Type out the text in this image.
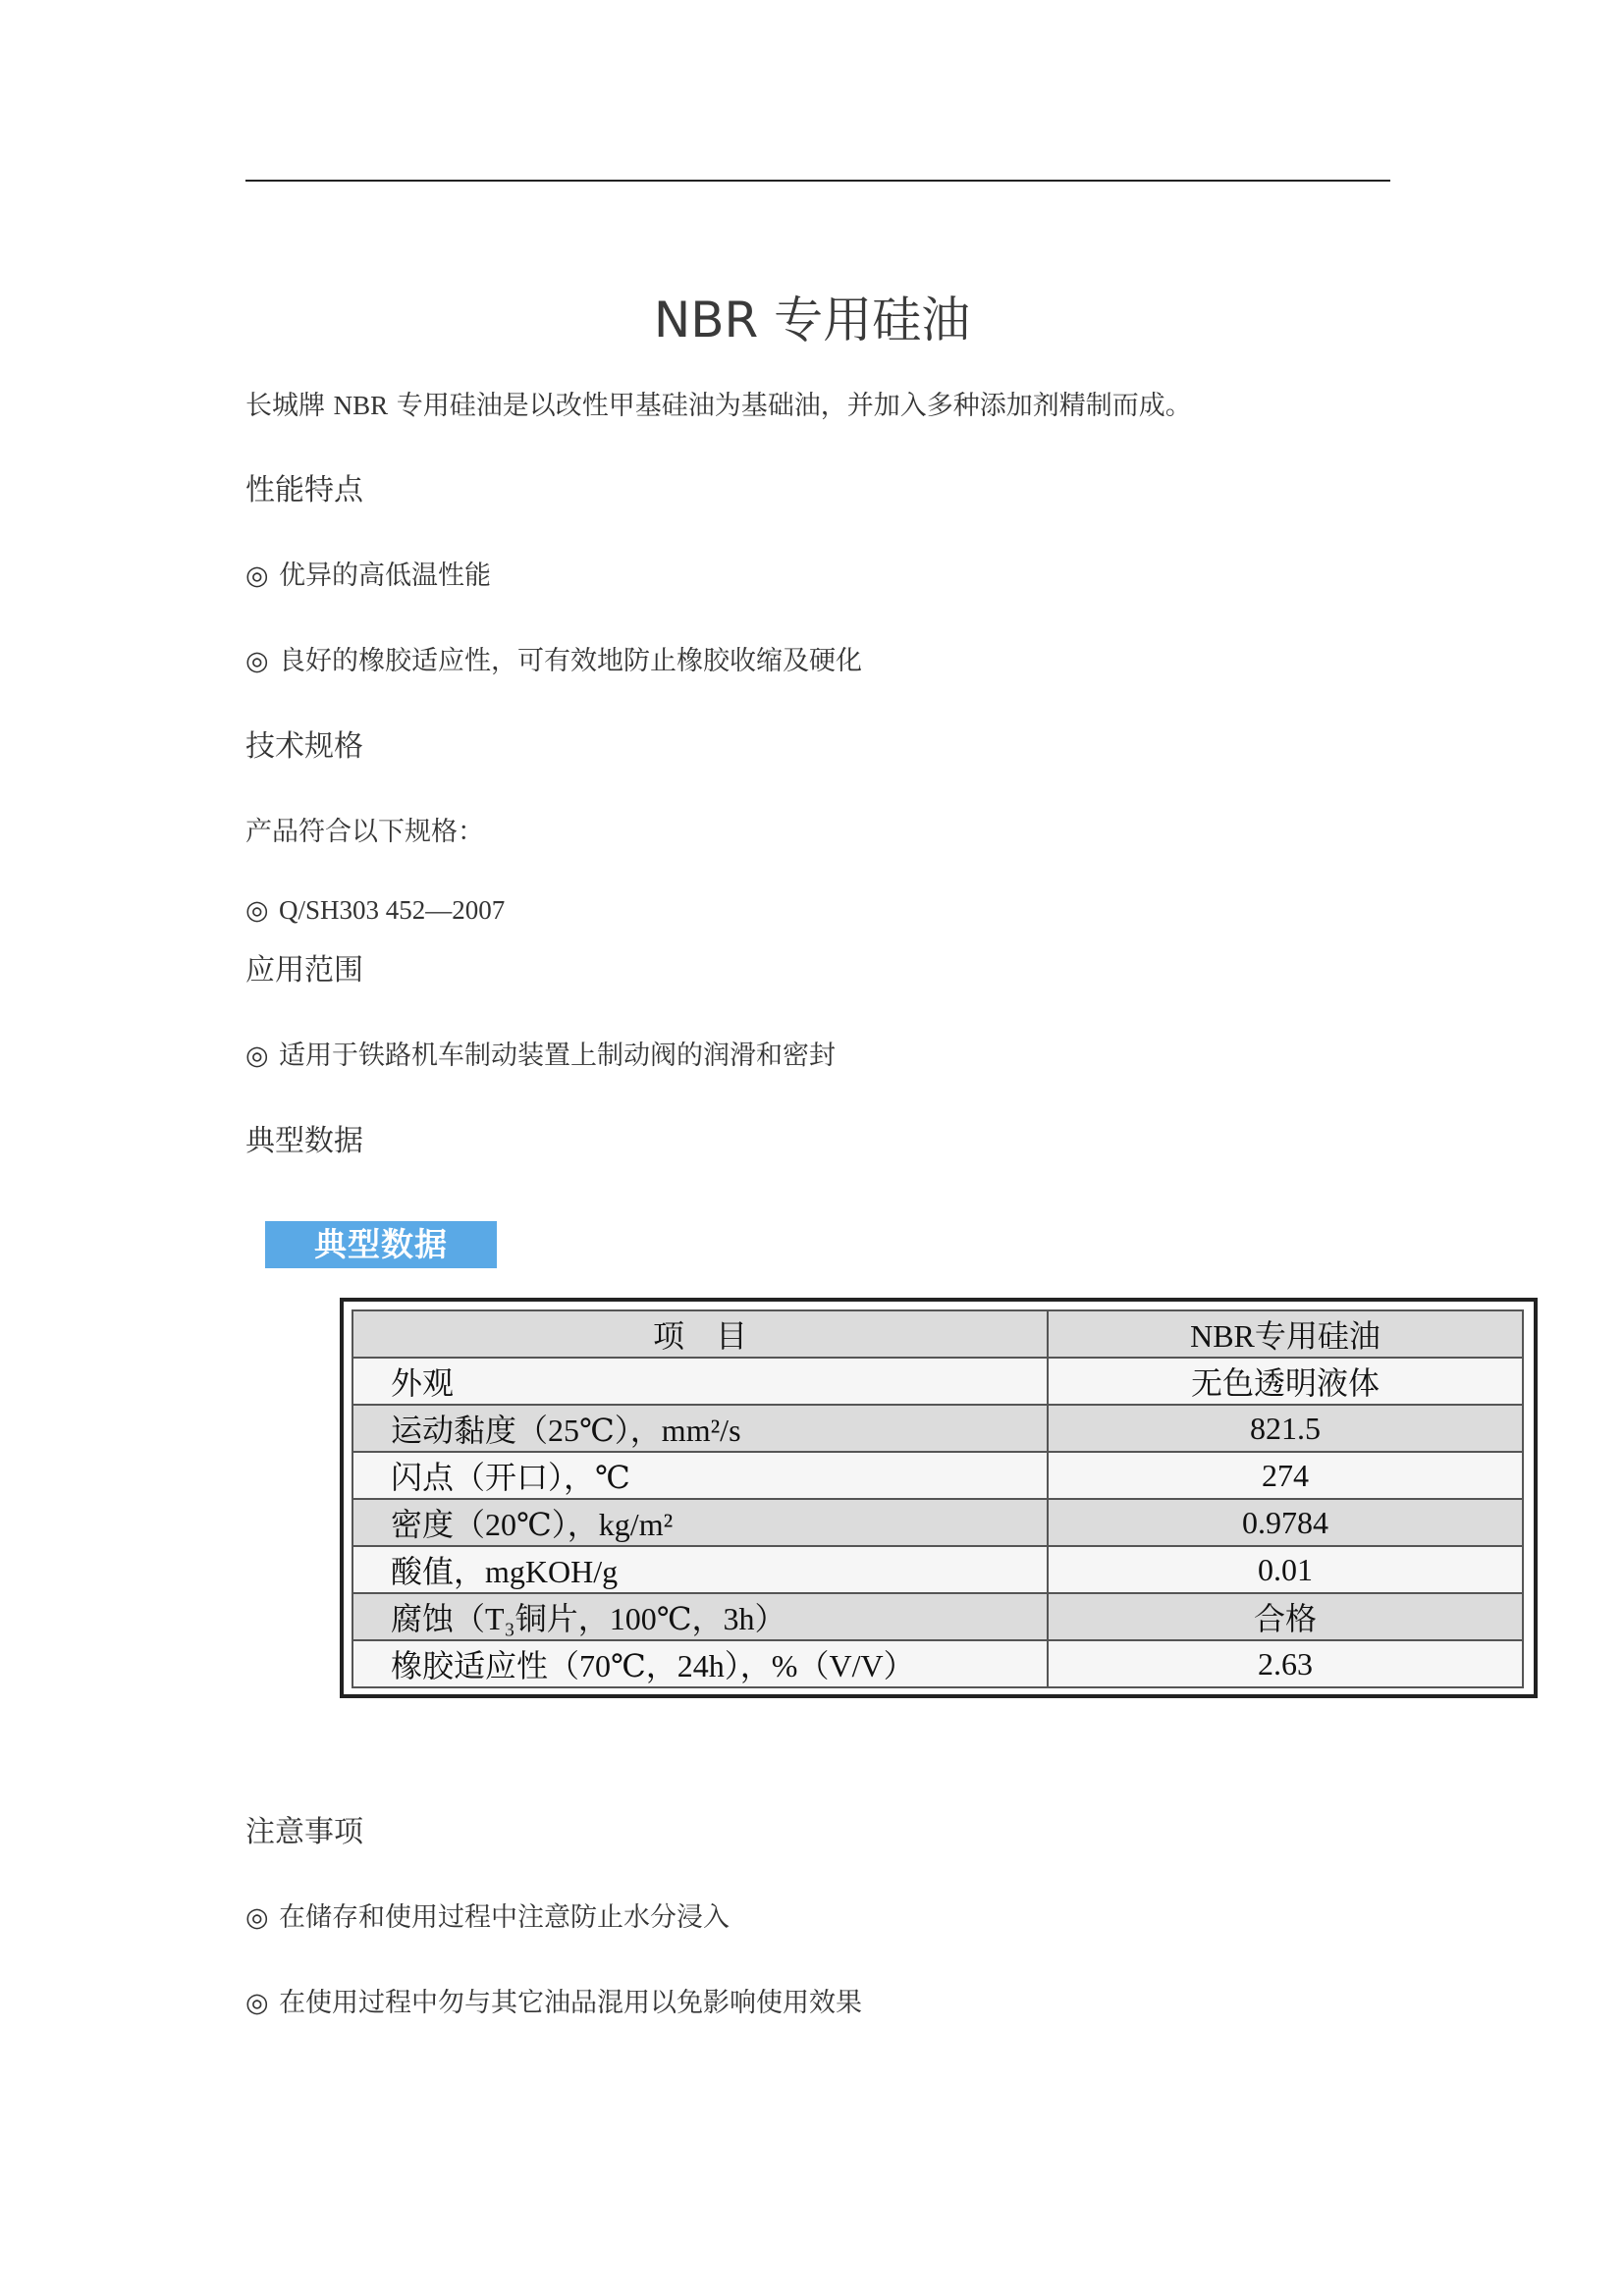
NBR 专用硅油
长城牌 NBR 专用硅油是以改性甲基硅油为基础油，并加入多种添加剂精制而成。
性能特点
◎ 优异的高低温性能
◎ 良好的橡胶适应性，可有效地防止橡胶收缩及硬化
技术规格
产品符合以下规格：
◎ Q/SH303 452—2007
应用范围
◎ 适用于铁路机车制动装置上制动阀的润滑和密封
典型数据
典型数据
项　目	NBR专用硅油
外观	无色透明液体
运动黏度（25℃），mm²/s	821.5
闪点（开口），℃	274
密度（20℃），kg/m²	0.9784
酸值，mgKOH/g	0.01
腐蚀（T₃铜片，100℃，3h）	合格
橡胶适应性（70℃，24h），%（V/V）	2.63
注意事项
◎ 在储存和使用过程中注意防止水分浸入
◎ 在使用过程中勿与其它油品混用以免影响使用效果
